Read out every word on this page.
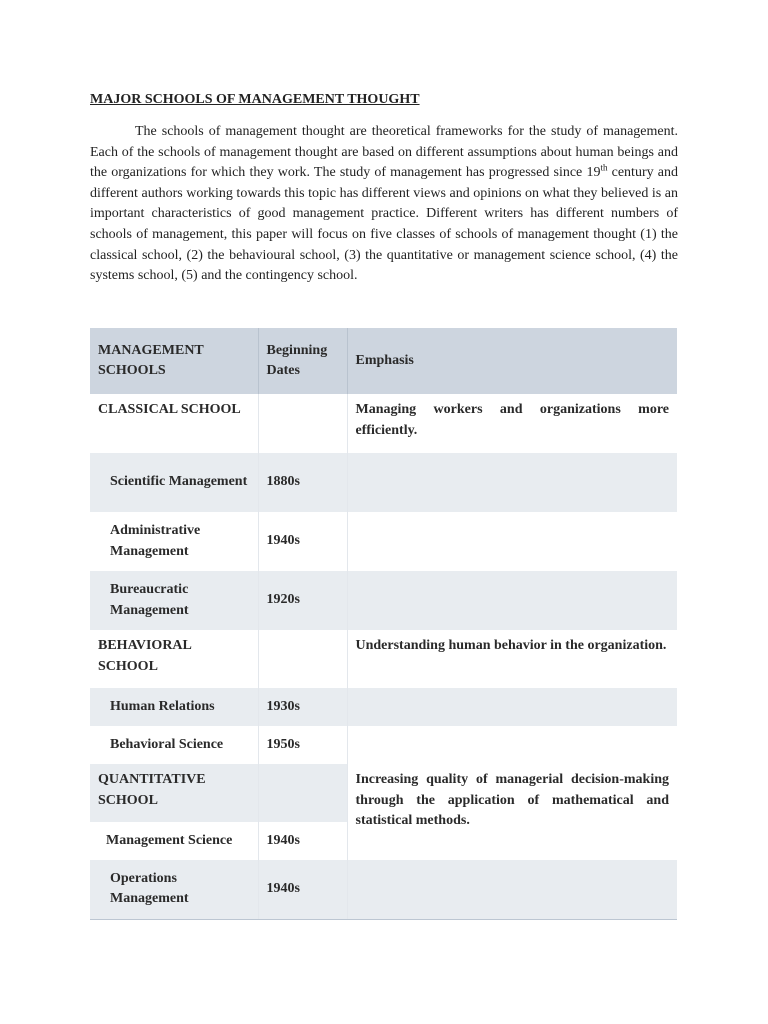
MAJOR SCHOOLS OF MANAGEMENT THOUGHT

The schools of management thought are theoretical frameworks for the study of management. Each of the schools of management thought are based on different assumptions about human beings and the organizations for which they work. The study of management has progressed since 19th century and different authors working towards this topic has different views and opinions on what they believed is an important characteristics of good management practice. Different writers has different numbers of schools of management, this paper will focus on five classes of schools of management thought (1) the classical school, (2) the behavioural school, (3) the quantitative or management science school, (4) the systems school, (5) and the contingency school.

MANAGEMENT SCHOOLS	Beginning Dates	Emphasis
CLASSICAL SCHOOL		Managing workers and organizations more efficiently.
Scientific Management	1880s	
Administrative Management	1940s	
Bureaucratic Management	1920s	
BEHAVIORAL SCHOOL		Understanding human behavior in the organization.
Human Relations	1930s	
Behavioral Science	1950s	
QUANTITATIVE SCHOOL		Increasing quality of managerial decision-making through the application of mathematical and statistical methods.
Management Science	1940s	
Operations Management	1940s	
